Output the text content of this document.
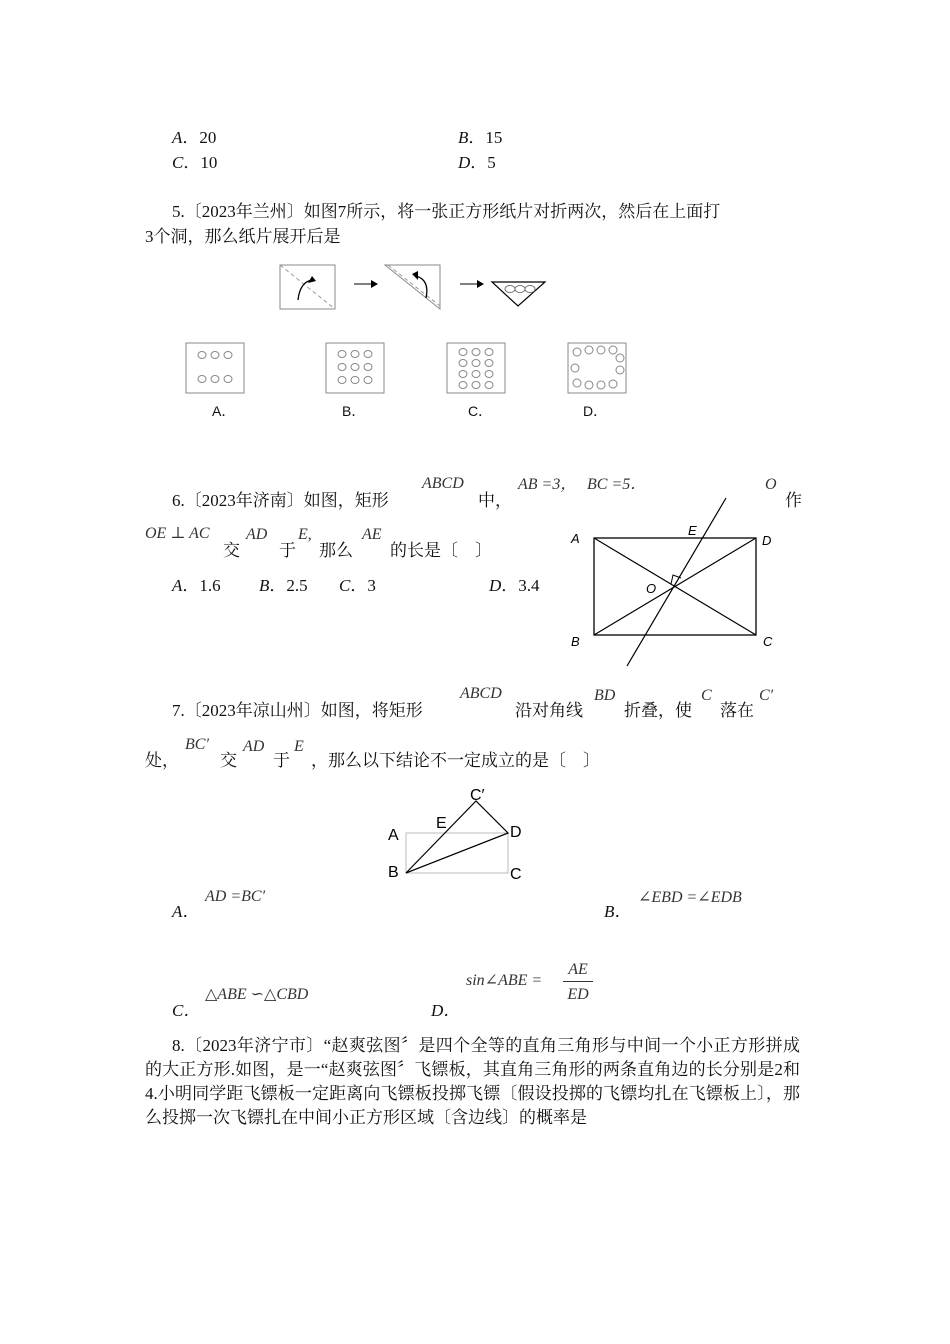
A．20	B．15
C．10	D．5
5.〔2023年兰州〕如图7所示，将一张正方形纸片对折两次，然后在上面打
3个洞，那么纸片展开后是
A．	B．	C．	D．
6.〔2023年济南〕如图，矩形
ABCD
中，
AB =3， BC =5．	O
作
OE ⊥ AC
交
AD
于
E,
那么
AE
的长是〔　〕
A．1.6 B．2.5 C．3	D．3.4
A	D
B	C
E
O
7.〔2023年凉山州〕如图，将矩形
ABCD
沿对角线
BD
折叠，使
C
落在
C′
处，
BC′
交
AD
于
E
，那么以下结论不一定成立的是〔　〕
C′
E
A	D
B	C
A．
AD =BC′
B．
∠EBD =∠EDB
C．
△ABE ∽△CBD
D．
sin∠ABE =
AE
ED
8.〔2023年济宁市〕“赵爽弦图〞是四个全等的直角三角形与中间一个小正方形拼成的大正方形.如图，是一“赵爽弦图〞飞镖板，其直角三角形的两条直角边的长分别是2和4.小明同学距飞镖板一定距离向飞镖板投掷飞镖〔假设投掷的飞镖均扎在飞镖板上〕，那么投掷一次飞镖扎在中间小正方形区域〔含边线〕的概率是
